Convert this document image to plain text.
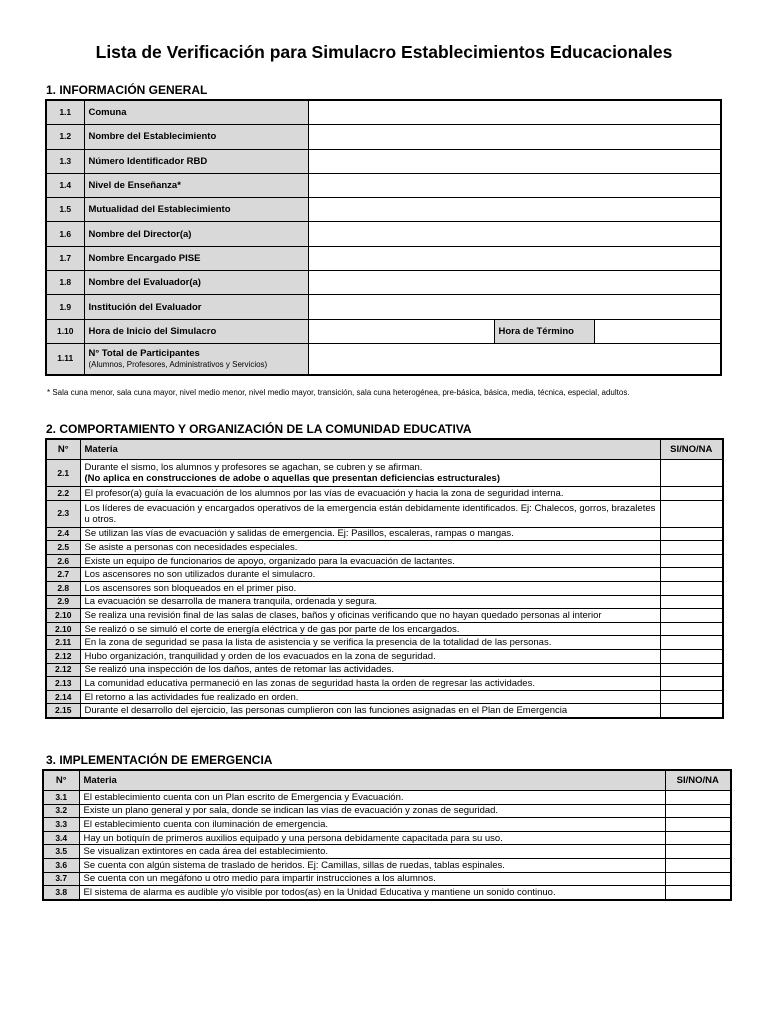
Lista de Verificación para Simulacro Establecimientos Educacionales
1. INFORMACIÓN GENERAL
1.1	Comuna			
1.2	Nombre del Establecimiento			
1.3	Número Identificador RBD			
1.4	Nivel de Enseñanza*			
1.5	Mutualidad del Establecimiento			
1.6	Nombre del Director(a)			
1.7	Nombre Encargado PISE			
1.8	Nombre del Evaluador(a)			
1.9	Institución del Evaluador			
1.10	Hora de Inicio del Simulacro		Hora de Término	
1.11	N° Total de Participantes
(Alumnos, Profesores, Administrativos y Servicios)			

* Sala cuna menor, sala cuna mayor, nivel medio menor, nivel medio mayor, transición, sala cuna heterogénea, pre-básica, básica, media, técnica, especial, adultos.
2. COMPORTAMIENTO Y ORGANIZACIÓN DE LA COMUNIDAD EDUCATIVA
N°	Materia	SI/NO/NA
2.1	Durante el sismo, los alumnos y profesores se agachan, se cubren y se afirman.
(No aplica en construcciones de adobe o aquellas que presentan deficiencias estructurales)	

2.2	El profesor(a) guía la evacuación de los alumnos por las vías de evacuación y hacia la zona de seguridad interna.	
2.3	Los líderes de evacuación y encargados operativos de la emergencia están debidamente identificados. Ej: Chalecos, gorros, brazaletes u otros.	
2.4	Se utilizan las vías de evacuación y salidas de emergencia. Ej: Pasillos, escaleras, rampas o mangas.	
2.5	Se asiste a personas con necesidades especiales.	
2.6	Existe un equipo de funcionarios de apoyo, organizado para la evacuación de lactantes.	
2.7	Los ascensores no son utilizados durante el simulacro.	
2.8	Los ascensores son bloqueados en el primer piso.	
2.9	La evacuación se desarrolla de manera tranquila, ordenada y segura.	
2.10	Se realiza una revisión final de las salas de clases, baños y oficinas verificando que no hayan quedado personas al interior	
2.10	Se realizó o se simuló el corte de energía eléctrica y de gas por parte de los encargados.	
2.11	En la zona de seguridad se pasa la lista de asistencia y se verifica la presencia de la totalidad de las personas.	
2.12	Hubo organización, tranquilidad y orden de los evacuados en la zona de seguridad.	
2.12	Se realizó una inspección de los daños, antes de retomar las actividades.	
2.13	La comunidad educativa permaneció en las zonas de seguridad hasta la orden de regresar las actividades.	
2.14	El retorno a las actividades fue realizado en orden.	
2.15	Durante el desarrollo del ejercicio, las personas cumplieron con las funciones asignadas en el Plan de Emergencia	
3. IMPLEMENTACIÓN DE EMERGENCIA
N°	Materia	SI/NO/NA
3.1	El establecimiento cuenta con un Plan escrito de Emergencia y Evacuación.	
3.2	Existe un plano general y por sala, donde se indican las vías de evacuación y zonas de seguridad.	
3.3	El establecimiento cuenta con iluminación de emergencia.	
3.4	Hay un botiquín de primeros auxilios equipado y una persona debidamente capacitada para su uso.	
3.5	Se visualizan extintores en cada área del establecimiento.	
3.6	Se cuenta con algún sistema de traslado de heridos. Ej: Camillas, sillas de ruedas, tablas espinales.	
3.7	Se cuenta con un megáfono u otro medio para impartir instrucciones a los alumnos.	
3.8	El sistema de alarma es audible y/o visible por todos(as) en la Unidad Educativa y mantiene un sonido continuo.	
